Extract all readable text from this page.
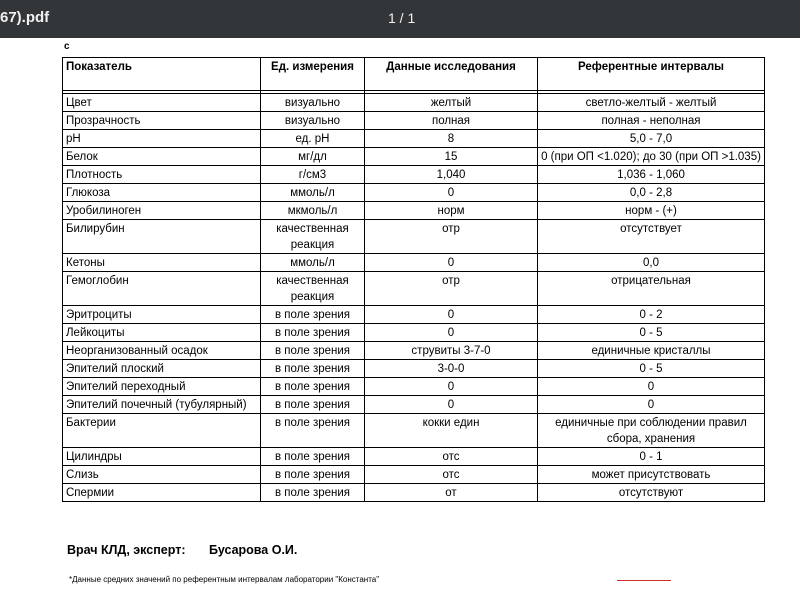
67).pdf	1 / 1
с
Показатель	Ед. измерения	Данные исследования	Референтные интервалы

Цвет	визуально	желтый	светло-желтый - желтый
Прозрачность	визуально	полная	полная - неполная
pH	ед. pH	8	5,0 - 7,0
Белок	мг/дл	15	0 (при ОП <1.020); до 30 (при ОП >1.035)
Плотность	г/см3	1,040	1,036 - 1,060
Глюкоза	ммоль/л	0	0,0 - 2,8
Уробилиноген	мкмоль/л	норм	норм - (+)
Билирубин	качественная реакция	отр	отсутствует
Кетоны	ммоль/л	0	0,0
Гемоглобин	качественная реакция	отр	отрицательная
Эритроциты	в поле зрения	0	0 - 2
Лейкоциты	в поле зрения	0	0 - 5
Неорганизованный осадок	в поле зрения	струвиты 3-7-0	единичные кристаллы
Эпителий плоский	в поле зрения	3-0-0	0 - 5
Эпителий переходный	в поле зрения	0	0
Эпителий почечный (тубулярный)	в поле зрения	0	0
Бактерии	в поле зрения	кокки един	единичные при соблюдении правил сбора, хранения
Цилиндры	в поле зрения	отс	0 - 1
Слизь	в поле зрения	отс	может присутствовать
Спермии	в поле зрения	от	отсутствуют
Врач КЛД, эксперт: Бусарова О.И.
*Данные средних значений по референтным интервалам лаборатории "Константа"
